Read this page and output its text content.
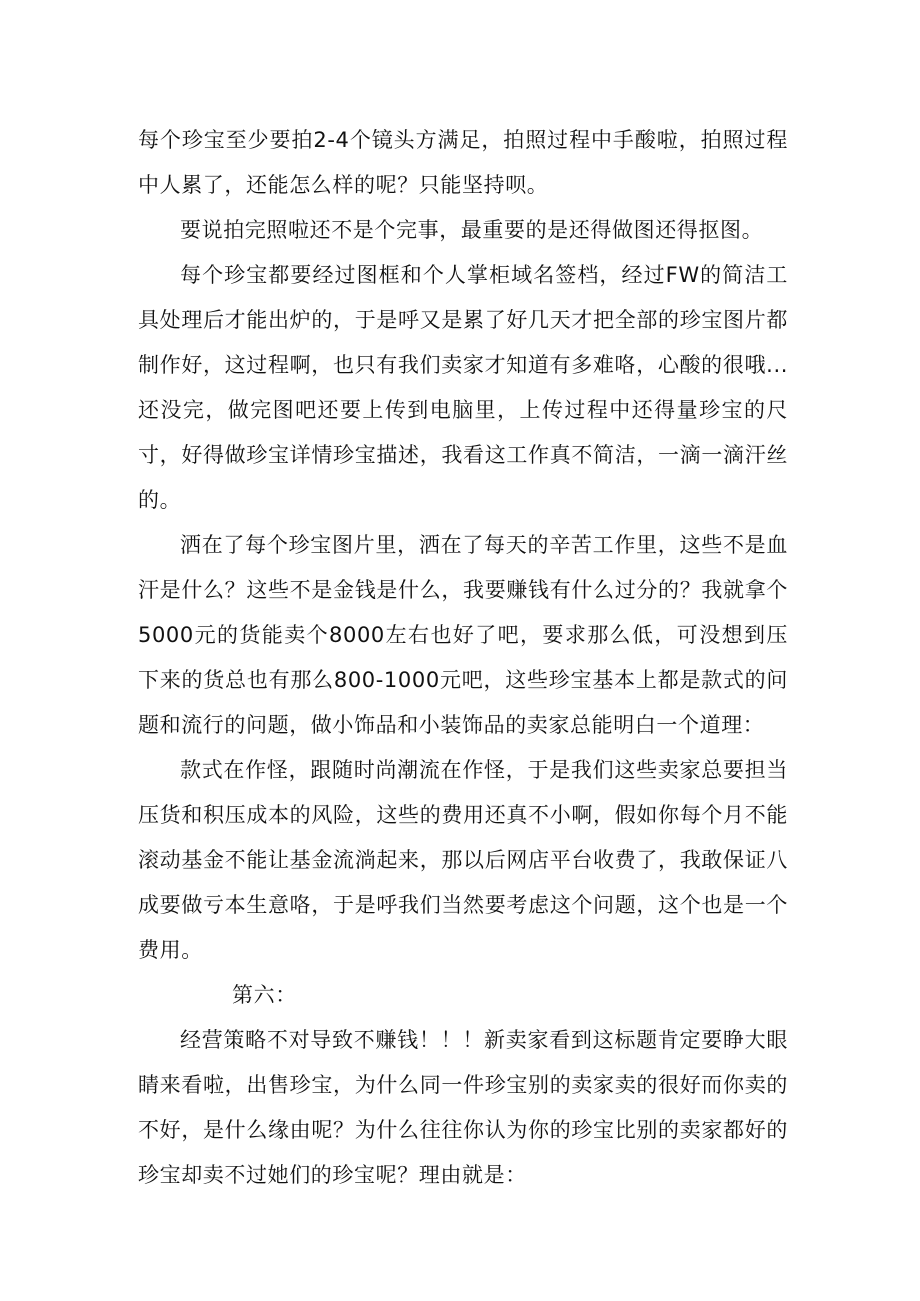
每个珍宝至少要拍2-4个镜头方满足，拍照过程中手酸啦，拍照过程中人累了，还能怎么样的呢？只能坚持呗。

要说拍完照啦还不是个完事，最重要的是还得做图还得抠图。

每个珍宝都要经过图框和个人掌柜域名签档，经过FW的简洁工具处理后才能出炉的，于是呼又是累了好几天才把全部的珍宝图片都制作好，这过程啊，也只有我们卖家才知道有多难咯，心酸的很哦...还没完，做完图吧还要上传到电脑里，上传过程中还得量珍宝的尺寸，好得做珍宝详情珍宝描述，我看这工作真不简洁，一滴一滴汗丝的。

洒在了每个珍宝图片里，洒在了每天的辛苦工作里，这些不是血汗是什么？这些不是金钱是什么，我要赚钱有什么过分的？我就拿个5000元的货能卖个8000左右也好了吧，要求那么低，可没想到压下来的货总也有那么800-1000元吧，这些珍宝基本上都是款式的问题和流行的问题，做小饰品和小装饰品的卖家总能明白一个道理：

款式在作怪，跟随时尚潮流在作怪，于是我们这些卖家总要担当压货和积压成本的风险，这些的费用还真不小啊，假如你每个月不能滚动基金不能让基金流淌起来，那以后网店平台收费了，我敢保证八成要做亏本生意咯，于是呼我们当然要考虑这个问题，这个也是一个费用。

第六：

经营策略不对导致不赚钱！！！新卖家看到这标题肯定要睁大眼睛来看啦，出售珍宝，为什么同一件珍宝别的卖家卖的很好而你卖的不好，是什么缘由呢？为什么往往你认为你的珍宝比别的卖家都好的珍宝却卖不过她们的珍宝呢？理由就是：
